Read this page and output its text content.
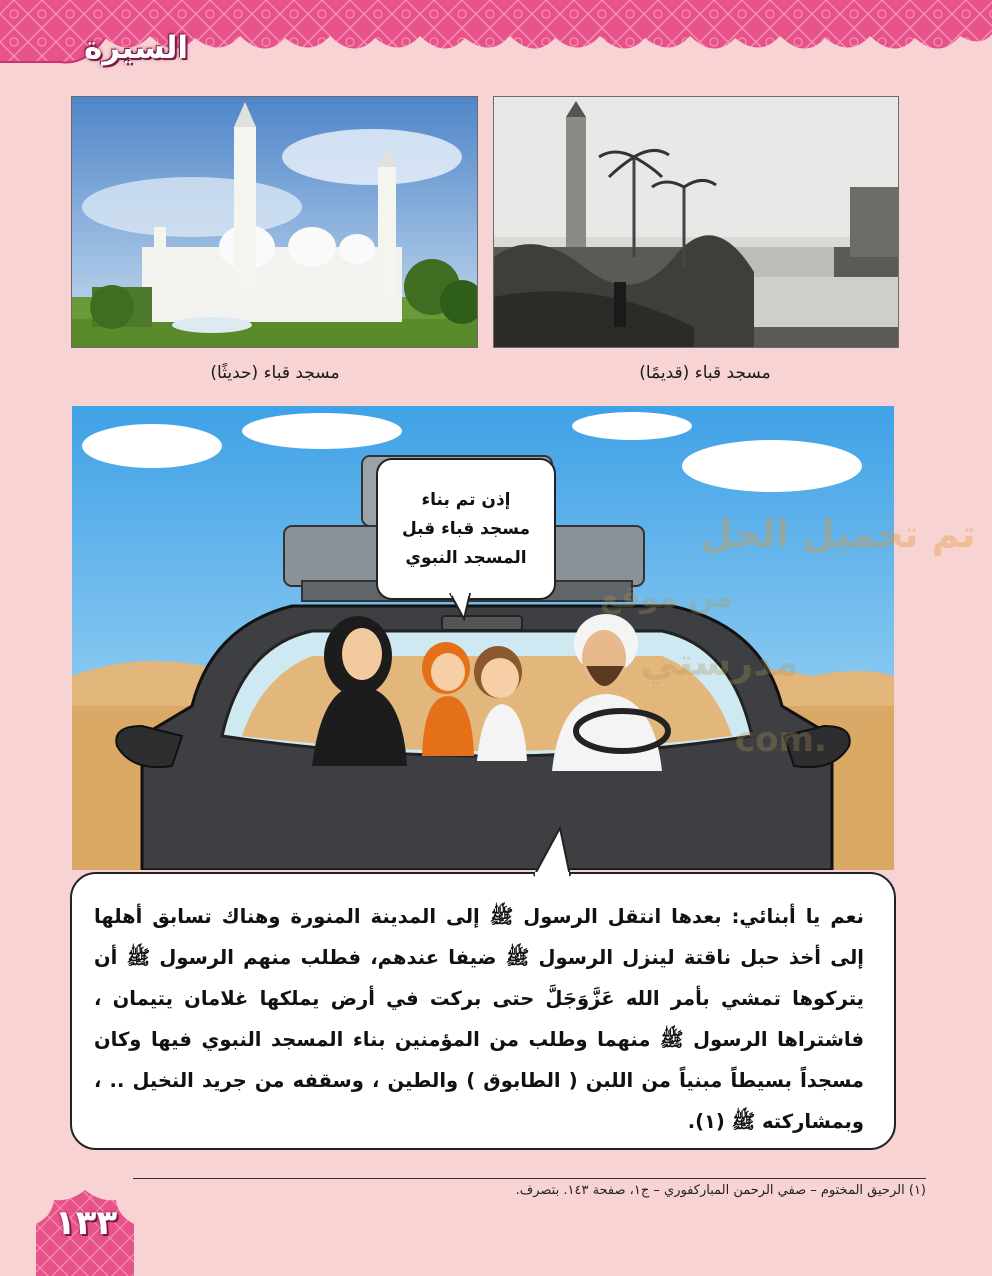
السيرة
مسجد قباء (حديثًا)	مسجد قباء (قديمًا)
تم تحميل الحل
من موقع
مدرستي
.com
إذن تم بناء
مسجد قباء قبل
المسجد النبوي
نعم يا أبنائي: بعدها انتقل الرسول ﷺ إلى المدينة المنورة وهناك تسابق أهلها إلى أخذ حبل ناقتة لينزل الرسول ﷺ ضيفا عندهم، فطلب منهم الرسول ﷺ أن يتركوها تمشي بأمر الله عَزَّوَجَلَّ حتى بركت في أرض يملكها غلامان يتيمان ، فاشتراها الرسول ﷺ منهما وطلب من المؤمنين بناء المسجد النبوي فيها وكان مسجداً بسيطاً مبنياً من اللبن ( الطابوق ) والطين ، وسقفه من جريد النخيل .. ، وبمشاركته ﷺ (١).
(١) الرحيق المختوم – صفي الرحمن المباركفوري – ج١، صفحة ١٤٣. بتصرف.
١٣٣
